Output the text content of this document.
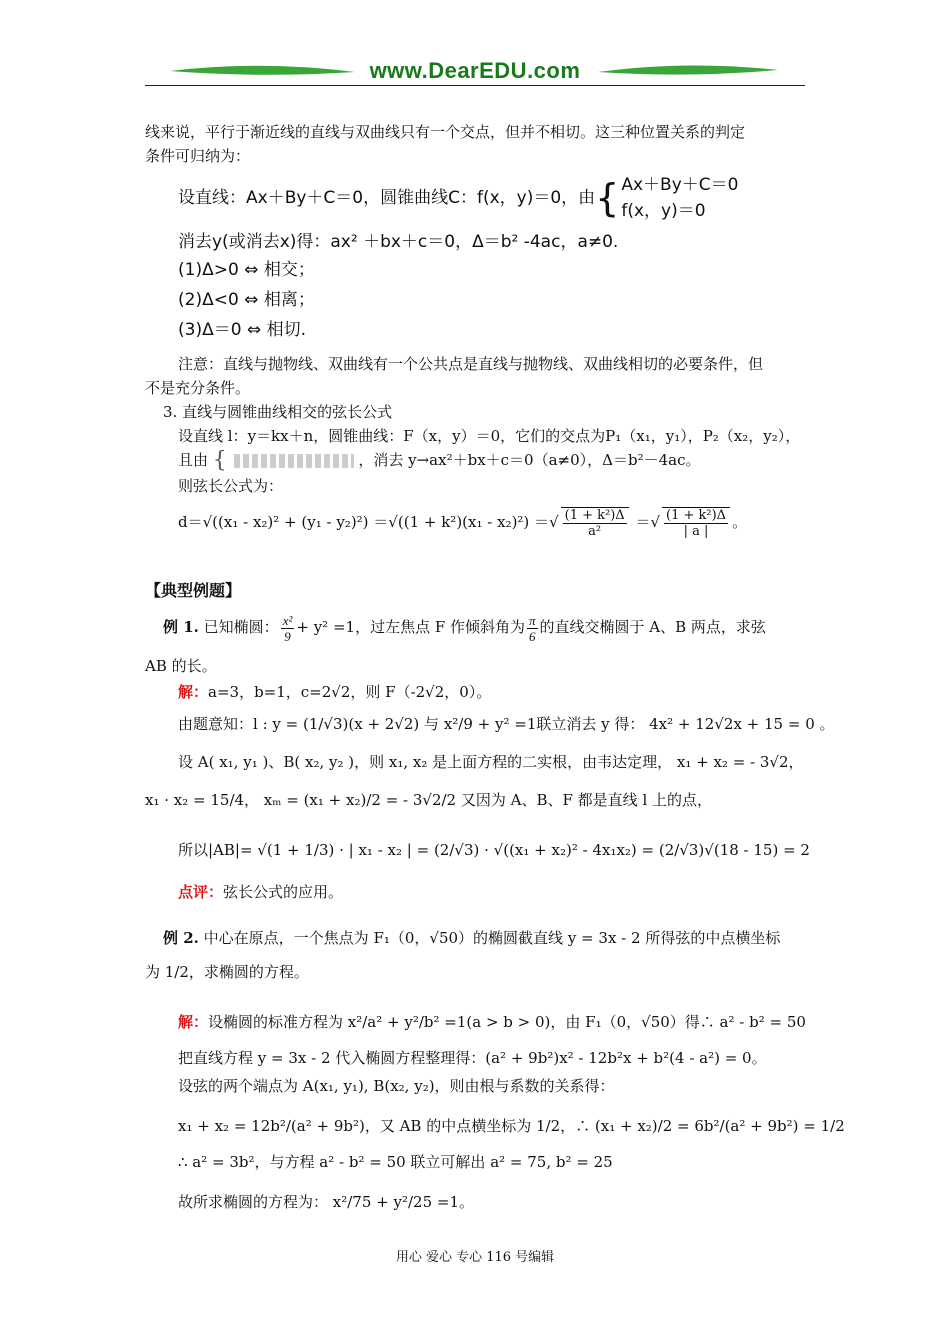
www.DearEDU.com
线来说，平行于渐近线的直线与双曲线只有一个交点，但并不相切。这三种位置关系的判定
条件可归纳为：
设直线：Ax＋By＋C＝0，圆锥曲线C：f(x，y)＝0，由{ Ax＋By＋C＝0
f(x，y)＝0
消去y(或消去x)得：ax² ＋bx＋c＝0，Δ＝b² -4ac，a≠0.
(1)Δ>0 ⇔ 相交；
(2)Δ<0 ⇔ 相离；
(3)Δ＝0 ⇔ 相切.
注意：直线与抛物线、双曲线有一个公共点是直线与抛物线、双曲线相切的必要条件，但
不是充分条件。
3. 直线与圆锥曲线相交的弦长公式
设直线 l：y＝kx＋n，圆锥曲线：F（x，y）＝0，它们的交点为P₁（x₁，y₁），P₂（x₂，y₂），
且由 {	，消去 y→ax²＋bx＋c＝0（a≠0），Δ＝b²－4ac。
则弦长公式为：
d＝√((x₁ - x₂)² + (y₁ - y₂)²) ＝√((1 + k²)(x₁ - x₂)²) ＝√ $\frac{\text{(1 + k²)Δ}}{\text{a²}}$ ＝√ $\frac{\text{(1 + k²)Δ}}{| a |}$ 。
【典型例题】
例 1. 已知椭圆： $\frac{\text{x²}}{9} + y^2 =1$，过左焦点 F 作倾斜角为 $\frac{\pi}{6}$ 的直线交椭圆于 A、B 两点，求弦
AB 的长。
解：a=3，b=1，c=2√2，则 F（-2√2，0）。
由题意知：l : y = (1/√3)(x + 2√2) 与 x²/9 + y² =1联立消去 y 得： 4x² + 12√2x + 15 = 0 。
设 A( x₁, y₁ )、B( x₂, y₂ )，则 x₁, x₂ 是上面方程的二实根，由韦达定理， x₁ + x₂ = - 3√2，
x₁ · x₂ = 15/4， xₘ = (x₁ + x₂)/2 = - 3√2/2 又因为 A、B、F 都是直线 l 上的点，
所以|AB|= √(1 + 1/3) · | x₁ - x₂ | = (2/√3) · √((x₁ + x₂)² - 4x₁x₂) = (2/√3)√(18 - 15) = 2
点评：弦长公式的应用。
例 2. 中心在原点，一个焦点为 F₁（0，√50）的椭圆截直线 y = 3x - 2 所得弦的中点横坐标
为 1/2，求椭圆的方程。
解：设椭圆的标准方程为 x²/a² + y²/b² =1(a > b > 0)，由 F₁（0，√50）得∴ a² - b² = 50
把直线方程 y = 3x - 2 代入椭圆方程整理得：(a² + 9b²)x² - 12b²x + b²(4 - a²) = 0。
设弦的两个端点为 A(x₁, y₁), B(x₂, y₂)，则由根与系数的关系得：
x₁ + x₂ = 12b²/(a² + 9b²)，又 AB 的中点横坐标为 1/2，∴ (x₁ + x₂)/2 = 6b²/(a² + 9b²) = 1/2
∴ a² = 3b²，与方程 a² - b² = 50 联立可解出 a² = 75, b² = 25
故所求椭圆的方程为： x²/75 + y²/25 =1。
用心 爱心 专心 116 号编辑
